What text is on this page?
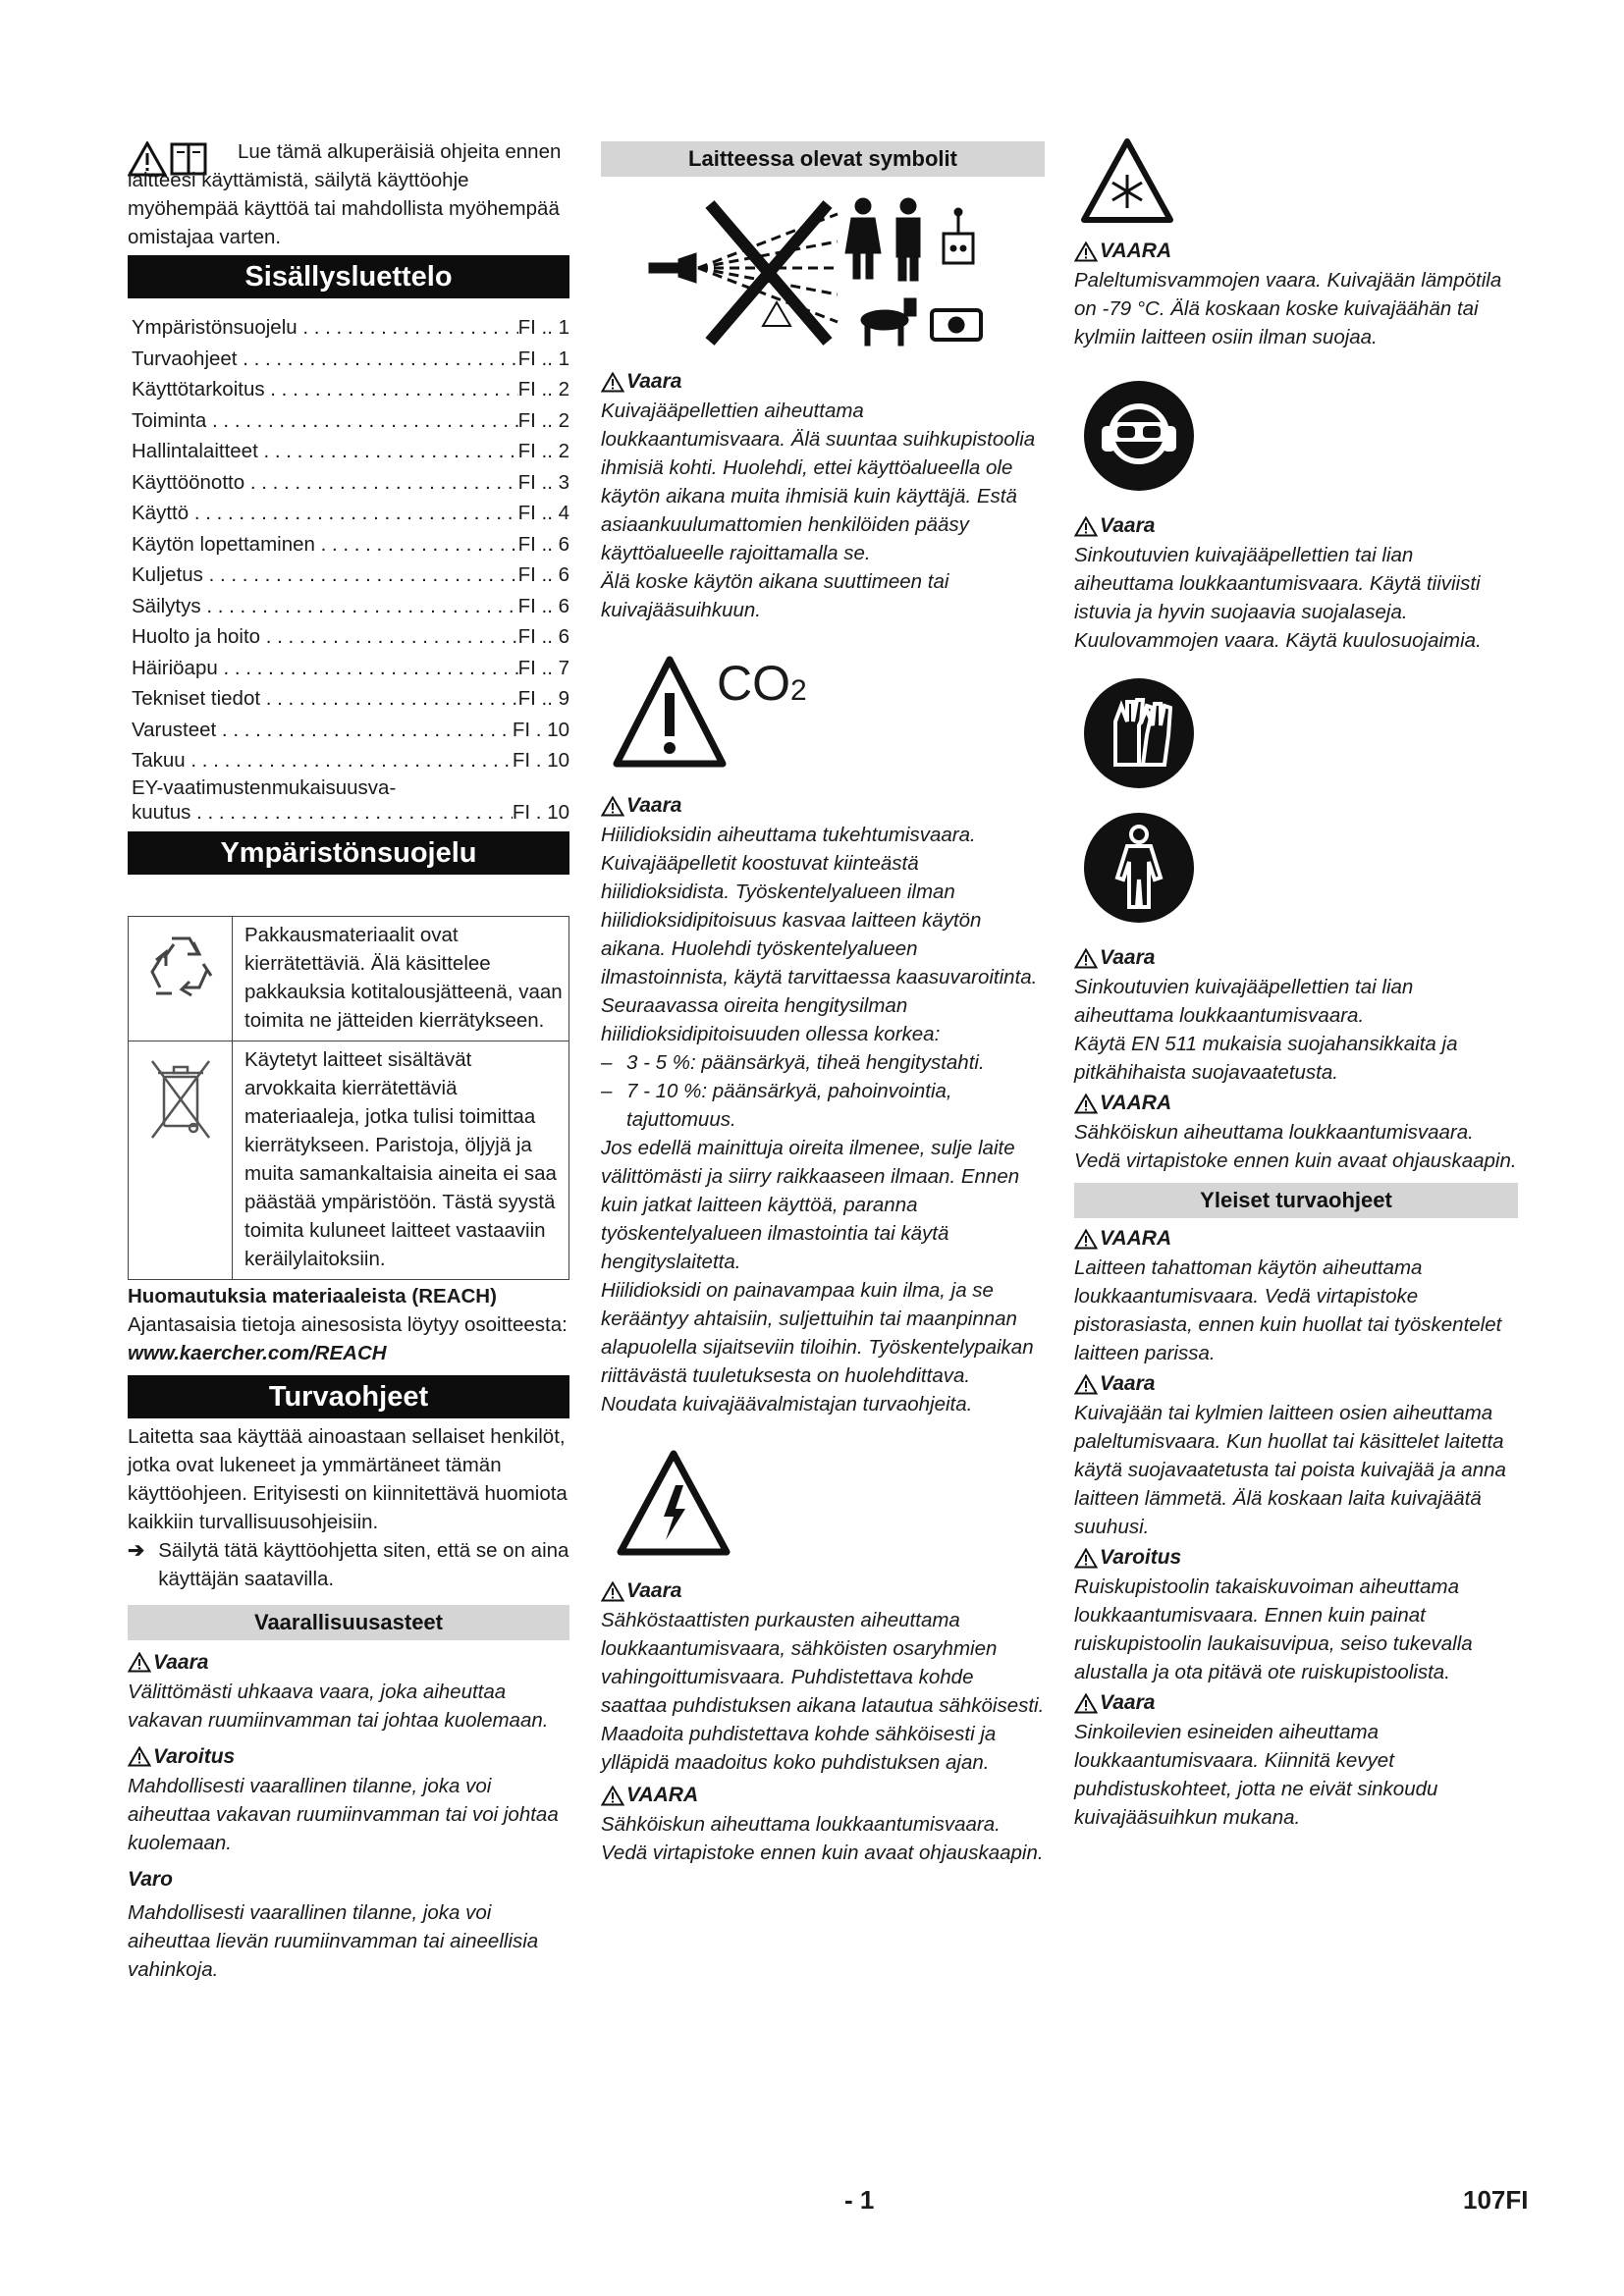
Lue tämä alkuperäisiä ohjeita ennen laitteesi käyttämistä, säilytä käyttöohje myöhempää käyttöä tai mahdollista myöhempää omistajaa varten.

Sisällysluettelo
Ympäristönsuojelu . . .	FI .. 1
Turvaohjeet . . .	FI .. 1
Käyttötarkoitus . . .	FI .. 2
Toiminta . . .	FI .. 2
Hallintalaitteet . . .	FI .. 2
Käyttöönotto . . .	FI .. 3
Käyttö . . .	FI .. 4
Käytön lopettaminen . . .	FI .. 6
Kuljetus . . .	FI .. 6
Säilytys . . .	FI .. 6
Huolto ja hoito . . .	FI .. 6
Häiriöapu . . .	FI .. 7
Tekniset tiedot . . .	FI .. 9
Varusteet . . .	FI . 10
Takuu . . .	FI . 10
EY-vaatimustenmukaisuusva-
kuutus . . .	FI . 10
Ympäristönsuojelu
Pakkausmateriaalit ovat kierrätettäviä. Älä käsittelee pakkauksia kotitalousjätteenä, vaan toimita ne jätteiden kierrätykseen.
Käytetyt laitteet sisältävät arvokkaita kierrätettäviä materiaaleja, jotka tulisi toimittaa kierrätykseen. Paristoja, öljyjä ja muita samankaltaisia aineita ei saa päästää ympäristöön. Tästä syystä toimita kuluneet laitteet vastaaviin keräilylaitoksiin.

Huomautuksia materiaaleista (REACH)

Ajantasaisia tietoja ainesosista löytyy osoitteesta:

www.kaercher.com/REACH

Turvaohjeet

Laitetta saa käyttää ainoastaan sellaiset henkilöt, jotka ovat lukeneet ja ymmärtäneet tämän käyttöohjeen. Erityisesti on kiinnitettävä huomiota kaikkiin turvallisuusohjeisiin.

➔ Säilytä tätä käyttöohjetta siten, että se on aina käyttäjän saatavilla.
Vaarallisuusasteet
Vaara

Välittömästi uhkaava vaara, joka aiheuttaa vakavan ruumiinvamman tai johtaa kuolemaan.

Varoitus

Mahdollisesti vaarallinen tilanne, joka voi aiheuttaa vakavan ruumiinvamman tai voi johtaa kuolemaan.

Varo

Mahdollisesti vaarallinen tilanne, joka voi aiheuttaa lievän ruumiinvamman tai aineellisia vahinkoja.

Laitteessa olevat symbolit
Vaara

Kuivajääpellettien aiheuttama loukkaantumisvaara. Älä suuntaa suihkupistoolia ihmisiä kohti. Huolehdi, ettei käyttöalueella ole käytön aikana muita ihmisiä kuin käyttäjä. Estä asiaankuulumattomien henkilöiden pääsy käyttöalueelle rajoittamalla se.

Älä koske käytön aikana suuttimeen tai kuivajääsuihkuun.

CO2
Vaara

Hiilidioksidin aiheuttama tukehtumisvaara. Kuivajääpelletit koostuvat kiinteästä hiilidioksidista. Työskentelyalueen ilman hiilidioksidipitoisuus kasvaa laitteen käytön aikana. Huolehdi työskentelyalueen ilmastoinnista, käytä tarvittaessa kaasuvaroitinta. Seuraavassa oireita hengitysilman hiilidioksidipitoisuuden ollessa korkea:

– 3 - 5 %: päänsärkyä, tiheä hengitystahti.
– 7 - 10 %: päänsärkyä, pahoinvointia, tajuttomuus.

Jos edellä mainittuja oireita ilmenee, sulje laite välittömästi ja siirry raikkaaseen ilmaan. Ennen kuin jatkat laitteen käyttöä, paranna työskentelyalueen ilmastointia tai käytä hengityslaitetta.

Hiilidioksidi on painavampaa kuin ilma, ja se kerääntyy ahtaisiin, suljettuihin tai maanpinnan alapuolella sijaitseviin tiloihin. Työskentelypaikan riittävästä tuuletuksesta on huolehdittava.

Noudata kuivajäävalmistajan turvaohjeita.

Vaara

Sähköstaattisten purkausten aiheuttama loukkaantumisvaara, sähköisten osaryhmien vahingoittumisvaara. Puhdistettava kohde saattaa puhdistuksen aikana latautua sähköisesti. Maadoita puhdistettava kohde sähköisesti ja ylläpidä maadoitus koko puhdistuksen ajan.

VAARA

Sähköiskun aiheuttama loukkaantumisvaara. Vedä virtapistoke ennen kuin avaat ohjauskaapin.

VAARA

Paleltumisvammojen vaara. Kuivajään lämpötila on -79 °C. Älä koskaan koske kuivajäähän tai kylmiin laitteen osiin ilman suojaa.

Vaara

Sinkoutuvien kuivajääpellettien tai lian aiheuttama loukkaantumisvaara. Käytä tiiviisti istuvia ja hyvin suojaavia suojalaseja. Kuulovammojen vaara. Käytä kuulosuojaimia.

Vaara

Sinkoutuvien kuivajääpellettien tai lian aiheuttama loukkaantumisvaara.

Käytä EN 511 mukaisia suojahansikkaita ja pitkähihaista suojavaatetusta.

VAARA

Sähköiskun aiheuttama loukkaantumisvaara. Vedä virtapistoke ennen kuin avaat ohjauskaapin.

Yleiset turvaohjeet
VAARA

Laitteen tahattoman käytön aiheuttama loukkaantumisvaara. Vedä virtapistoke pistorasiasta, ennen kuin huollat tai työskentelet laitteen parissa.

Vaara

Kuivajään tai kylmien laitteen osien aiheuttama paleltumisvaara. Kun huollat tai käsittelet laitetta käytä suojavaatetusta tai poista kuivajää ja anna laitteen lämmetä. Älä koskaan laita kuivajäätä suuhusi.

Varoitus

Ruiskupistoolin takaiskuvoiman aiheuttama loukkaantumisvaara. Ennen kuin painat ruiskupistoolin laukaisuvipua, seiso tukevalla alustalla ja ota pitävä ote ruiskupistoolista.

Vaara

Sinkoilevien esineiden aiheuttama loukkaantumisvaara. Kiinnitä kevyet puhdistuskohteet, jotta ne eivät sinkoudu kuivajääsuihkun mukana.

- 1	107FI
